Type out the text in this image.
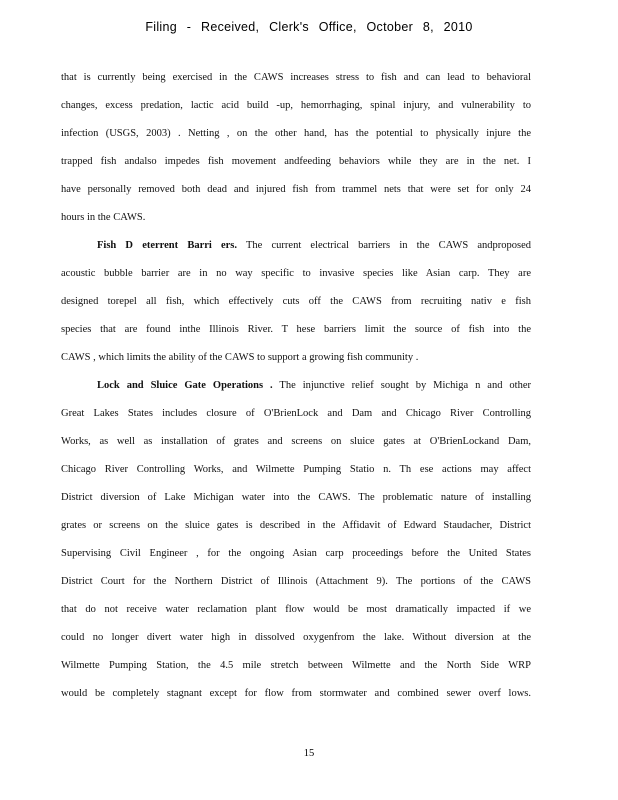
Filing - Received, Clerk's Office, October 8, 2010
that is currently being exercised in the CAWS increases stress to fish and can lead to behavioral
changes, excess predation, lactic acid build -up, hemorrhaging, spinal injury, and vulnerability to
infection (USGS, 2003) . Netting , on the other hand, has the potential to physically injure the
trapped fish andalso impedes fish movement andfeeding behaviors while they are in the net. I
have personally removed both dead and injured fish from trammel nets that were set for only 24
hours in the CAWS.
Fish D eterrent Barri ers. The current electrical barriers in the CAWS andproposed
acoustic bubble barrier are in no way specific to invasive species like Asian carp. They are
designed torepel all fish, which effectively cuts off the CAWS from recruiting nativ e fish
species that are found inthe Illinois River. T hese barriers limit the source of fish into the
CAWS , which limits the ability of the CAWS to support a growing fish community .
Lock and Sluice Gate Operations . The injunctive relief sought by Michiga n and other
Great Lakes States includes closure of O'BrienLock and Dam and Chicago River Controlling
Works, as well as installation of grates and screens on sluice gates at O'BrienLockand Dam,
Chicago River Controlling Works, and Wilmette Pumping Statio n. Th ese actions may affect
District diversion of Lake Michigan water into the CAWS. The problematic nature of installing
grates or screens on the sluice gates is described in the Affidavit of Edward Staudacher, District
Supervising Civil Engineer , for the ongoing Asian carp proceedings before the United States
District Court for the Northern District of Illinois (Attachment 9). The portions of the CAWS
that do not receive water reclamation plant flow would be most dramatically impacted if we
could no longer divert water high in dissolved oxygenfrom the lake. Without diversion at the
Wilmette Pumping Station, the 4.5 mile stretch between Wilmette and the North Side WRP
would be completely stagnant except for flow from stormwater and combined sewer overf lows.
15
